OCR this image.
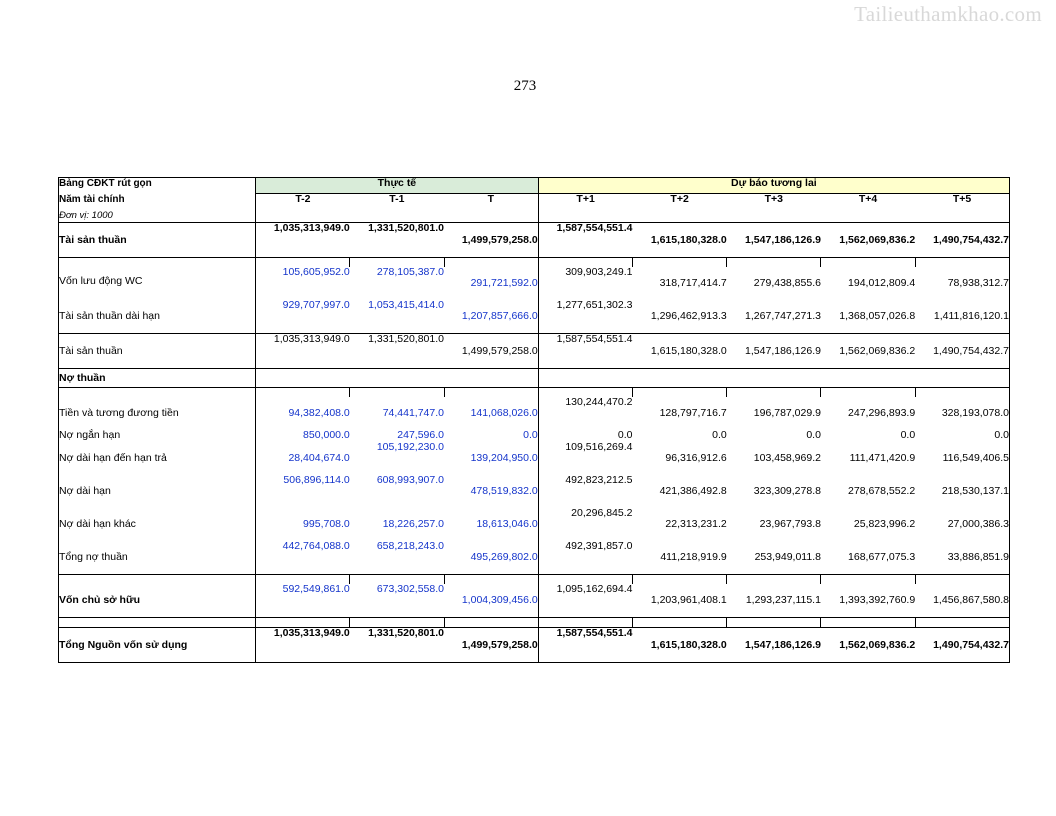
Tailieuthamkhao.com
273
Bảng CĐKT rút gọn	Thực tế			Dự báo tương lai				
Năm tài chính	T-2	T-1	T	T+1	T+2	T+3	T+4	T+5
Đơn vị: 1000								
Tài sản thuần	1,035,313,949.0	1,331,520,801.0	1,499,579,258.0	1,587,554,551.4	1,615,180,328.0	1,547,186,126.9	1,562,069,836.2	1,490,754,432.7

Vốn lưu động WC	105,605,952.0	278,105,387.0	291,721,592.0	309,903,249.1	318,717,414.7	279,438,855.6	194,012,809.4	78,938,312.7
Tài sản thuần dài hạn	929,707,997.0	1,053,415,414.0	1,207,857,666.0	1,277,651,302.3	1,296,462,913.3	1,267,747,271.3	1,368,057,026.8	1,411,816,120.1
Tài sản thuần	1,035,313,949.0	1,331,520,801.0	1,499,579,258.0	1,587,554,551.4	1,615,180,328.0	1,547,186,126.9	1,562,069,836.2	1,490,754,432.7
Nợ thuần								

Tiền và tương đương tiền	94,382,408.0	74,441,747.0	141,068,026.0	130,244,470.2	128,797,716.7	196,787,029.9	247,296,893.9	328,193,078.0
Nợ ngắn hạn	850,000.0	247,596.0	0.0	0.0	0.0	0.0	0.0	0.0
Nợ dài hạn đến hạn trả	28,404,674.0	105,192,230.0	139,204,950.0	109,516,269.4	96,316,912.6	103,458,969.2	111,471,420.9	116,549,406.5
Nợ dài hạn	506,896,114.0	608,993,907.0	478,519,832.0	492,823,212.5	421,386,492.8	323,309,278.8	278,678,552.2	218,530,137.1
Nợ dài hạn khác	995,708.0	18,226,257.0	18,613,046.0	20,296,845.2	22,313,231.2	23,967,793.8	25,823,996.2	27,000,386.3
Tổng nợ thuần	442,764,088.0	658,218,243.0	495,269,802.0	492,391,857.0	411,218,919.9	253,949,011.8	168,677,075.3	33,886,851.9

Vốn chủ sở hữu	592,549,861.0	673,302,558.0	1,004,309,456.0	1,095,162,694.4	1,203,961,408.1	1,293,237,115.1	1,393,392,760.9	1,456,867,580.8

Tổng Nguồn vốn sử dụng	1,035,313,949.0	1,331,520,801.0	1,499,579,258.0	1,587,554,551.4	1,615,180,328.0	1,547,186,126.9	1,562,069,836.2	1,490,754,432.7
